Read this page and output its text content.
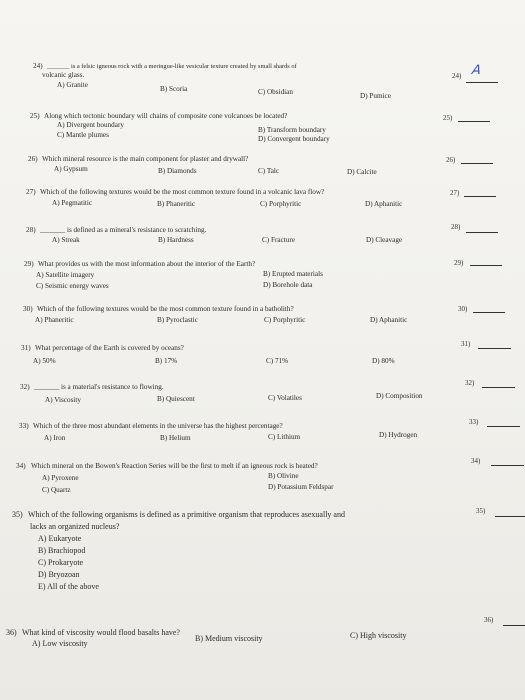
24) _______ is a felsic igneous rock with a meringue-like vesicular texture created by small shards of
volcanic glass.
A) Granite	B) Scoria	C) Obsidian	D) Pumice
24) A
25) Along which tectonic boundary will chains of composite cone volcanoes be located?
A) Divergent boundary
B) Transform boundary
C) Mantle plumes	D) Convergent boundary
25)
26) Which mineral resource is the main component for plaster and drywall?
A) Gypsum	B) Diamonds	C) Talc	D) Calcite
26)
27) Which of the following textures would be the most common texture found in a volcanic lava flow?
A) Pegmatitic	B) Phaneritic	C) Porphyritic	D) Aphanitic
27)
28) _______ is defined as a mineral's resistance to scratching.
A) Streak	B) Hardness	C) Fracture	D) Cleavage
28)
29) What provides us with the most information about the interior of the Earth?
A) Satellite imagery	B) Erupted materials
C) Seismic energy waves	D) Borehole data
29)
30) Which of the following textures would be the most common texture found in a batholith?
A) Phaneritic	B) Pyroclastic	C) Porphyritic	D) Aphanitic
30)
31) What percentage of the Earth is covered by oceans?
A) 50%	B) 17%	C) 71%	D) 80%
31)
32) _______ is a material's resistance to flowing.
A) Viscosity	B) Quiescent	C) Volatiles	D) Composition
32)
33) Which of the three most abundant elements in the universe has the highest percentage?
A) Iron	B) Helium	C) Lithium	D) Hydrogen
33)
34) Which mineral on the Bowen's Reaction Series will be the first to melt if an igneous rock is heated?
A) Pyroxene	B) Olivine
C) Quartz	D) Potassium Feldspar
34)
35) Which of the following organisms is defined as a primitive organism that reproduces asexually and
lacks an organized nucleus?
A) Eukaryote
B) Brachiopod
C) Prokaryote
D) Bryozoan
E) All of the above
35)
36) What kind of viscosity would flood basalts have?
A) Low viscosity
B) Medium viscosity	C) High viscosity
36)
